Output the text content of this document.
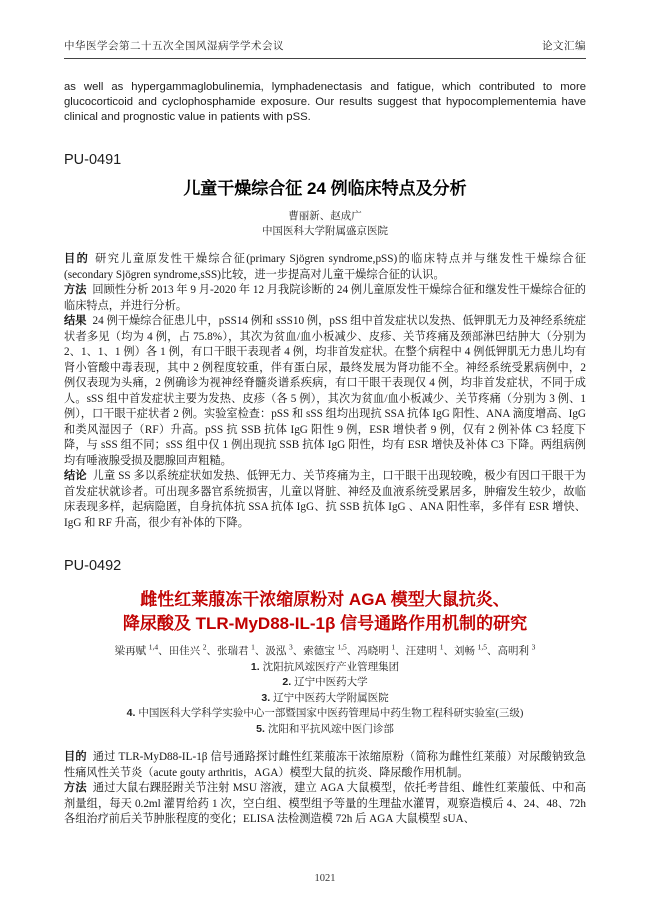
中华医学会第二十五次全国风湿病学学术会议	论文汇编

as well as hypergammaglobulinemia, lymphadenectasis and fatigue, which contributed to more glucocorticoid and cyclophosphamide exposure. Our results suggest that hypocomplementemia have clinical and prognostic value in patients with pSS.

PU-0491
儿童干燥综合征 24 例临床特点及分析
曹丽新、赵成广
中国医科大学附属盛京医院

目的 研究儿童原发性干燥综合征(primary Sjögren syndrome,pSS)的临床特点并与继发性干燥综合征(secondary Sjögren syndrome,sSS)比较，进一步提高对儿童干燥综合征的认识。

方法 回顾性分析 2013 年 9 月-2020 年 12 月我院诊断的 24 例儿童原发性干燥综合征和继发性干燥综合征的临床特点，并进行分析。

结果 24 例干燥综合征患儿中，pSS14 例和 sSS10 例，pSS 组中首发症状以发热、低钾肌无力及神经系统症状者多见（均为 4 例，占 75.8%），其次为贫血/血小板减少、皮疹、关节疼痛及颈部淋巴结肿大（分别为 2、1、1、1 例）各 1 例，有口干眼干表现者 4 例，均非首发症状。在整个病程中 4 例低钾肌无力患儿均有肾小管酸中毒表现，其中 2 例程度较重，伴有蛋白尿，最终发展为肾功能不全。神经系统受累病例中，2 例仅表现为头痛，2 例确诊为视神经脊髓炎谱系疾病，有口干眼干表现仅 4 例，均非首发症状，不同于成人。sSS 组中首发症状主要为发热、皮疹（各 5 例），其次为贫血/血小板减少、关节疼痛（分别为 3 例、1 例），口干眼干症状者 2 例。实验室检查：pSS 和 sSS 组均出现抗 SSA 抗体 IgG 阳性、ANA 滴度增高、IgG 和类风湿因子（RF）升高。pSS 抗 SSB 抗体 IgG 阳性 9 例，ESR 增快者 9 例，仅有 2 例补体 C3 轻度下降，与 sSS 组不同；sSS 组中仅 1 例出现抗 SSB 抗体 IgG 阳性，均有 ESR 增快及补体 C3 下降。两组病例均有唾液腺受损及腮腺回声粗糙。

结论 儿童 SS 多以系统症状如发热、低钾无力、关节疼痛为主，口干眼干出现较晚，极少有因口干眼干为首发症状就诊者。可出现多器官系统损害，儿童以肾脏、神经及血液系统受累居多，肿瘤发生较少，故临床表现多样，起病隐匿，自身抗体抗 SSA 抗体 IgG、抗 SSB 抗体 IgG 、ANA 阳性率，多伴有 ESR 增快、IgG 和 RF 升高，很少有补体的下降。

PU-0492
雌性红莱菔冻干浓缩原粉对 AGA 模型大鼠抗炎、
降尿酸及 TLR-MyD88-IL-1β 信号通路作用机制的研究
梁再赋 $^{1,4}$、田佳兴 $^2$、张瑞君 $^1$、汲泓 $^3$、索德宝 $^{1,5}$、冯晓明 $^1$、汪建明 $^1$、刘畅 $^{1,5}$、高明利 $^3$
1. 沈阳抗风竤医疗产业管理集团
2. 辽宁中医药大学
3. 辽宁中医药大学附属医院
4. 中国医科大学科学实验中心一部暨国家中医药管理局中药生物工程科研实验室(三级)
5. 沈阳和平抗风竤中医门诊部

目的 通过 TLR-MyD88-IL-1β 信号通路探讨雌性红莱菔冻干浓缩原粉（简称为雌性红莱菔）对尿酸钠致急性痛风性关节炎（acute gouty arthritis，AGA）模型大鼠的抗炎、降尿酸作用机制。

方法 通过大鼠右踝胫跗关节注射 MSU 溶液，建立 AGA 大鼠模型，依托考昔组、雌性红莱菔低、中和高剂量组，每天 0.2ml 灌胃给药 1 次，空白组、模型组予等量的生理盐水灌胃，观察造模后 4、24、48、72h 各组治疗前后关节肿胀程度的变化；ELISA 法检测造模 72h 后 AGA 大鼠模型 sUA、

1021
